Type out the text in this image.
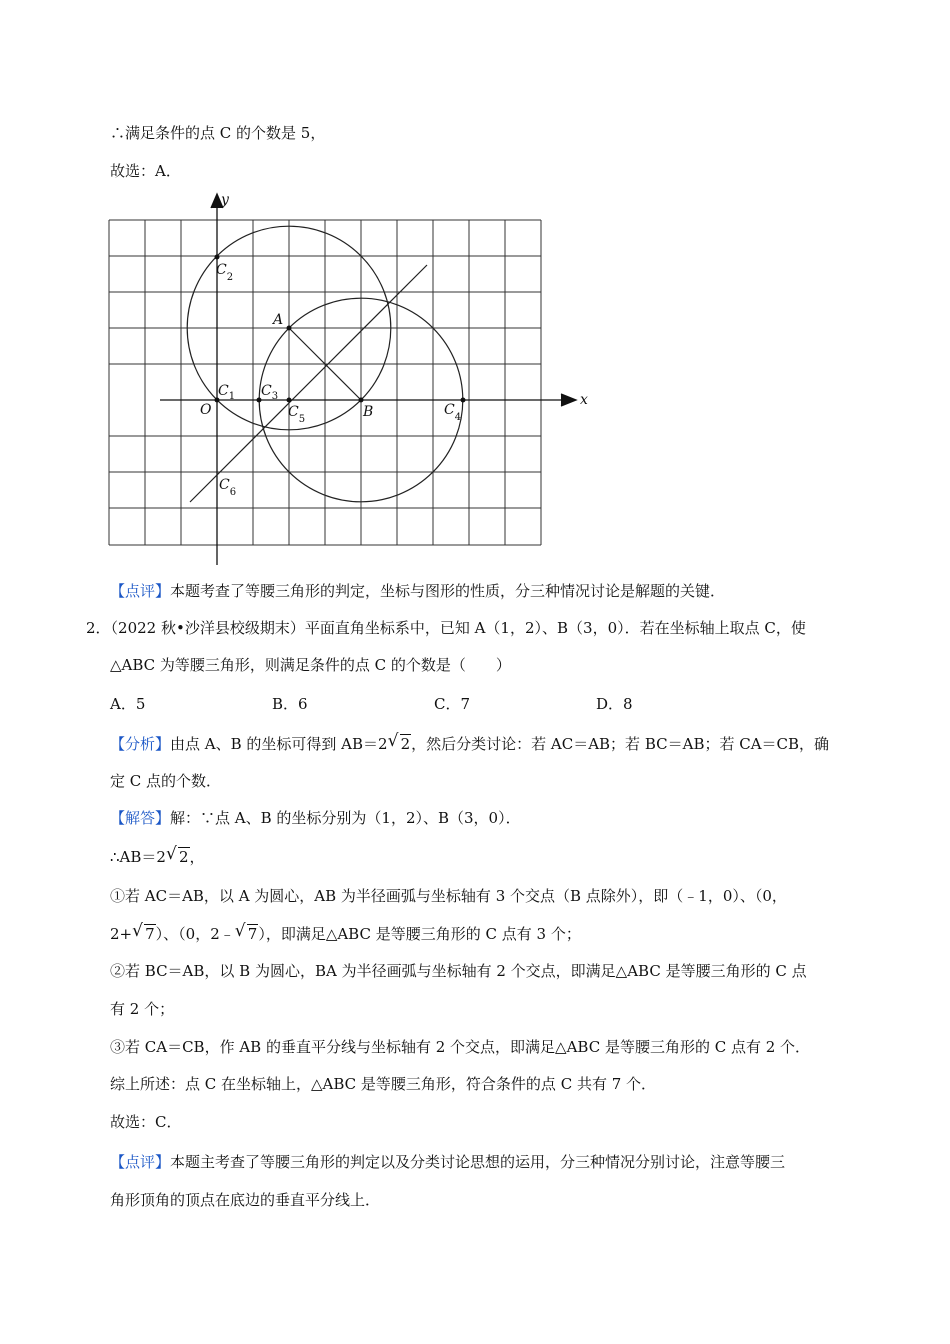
∴满足条件的点 C 的个数是 5，
故选：A．
y
x
O
A
B
$C_1$
$C_2$
$C_3$
$C_4$
$C_5$
$C_6$
【点评】本题考查了等腰三角形的判定，坐标与图形的性质，分三种情况讨论是解题的关键．
2．（2022 秋•沙洋县校级期末）平面直角坐标系中，已知 A（1，2）、B（3，0）．若在坐标轴上取点 C，使
△ABC 为等腰三角形，则满足条件的点 C 的个数是（　　）
A．5	B．6	C．7	D．8
【分析】由点 A、B 的坐标可得到 AB＝2 √ 2，然后分类讨论：若 AC＝AB；若 BC＝AB；若 CA＝CB，确
定 C 点的个数．
【解答】解：∵点 A、B 的坐标分别为（1，2）、B（3，0）．
∴AB＝2 √ 2，
①若 AC＝AB，以 A 为圆心，AB 为半径画弧与坐标轴有 3 个交点（B 点除外），即（﹣1，0）、（0，
2+ √ 7）、（0，2﹣ √ 7），即满足△ABC 是等腰三角形的 C 点有 3 个；
②若 BC＝AB，以 B 为圆心，BA 为半径画弧与坐标轴有 2 个交点，即满足△ABC 是等腰三角形的 C 点
有 2 个；
③若 CA＝CB，作 AB 的垂直平分线与坐标轴有 2 个交点，即满足△ABC 是等腰三角形的 C 点有 2 个．
综上所述：点 C 在坐标轴上，△ABC 是等腰三角形，符合条件的点 C 共有 7 个．
故选：C．
【点评】本题主考查了等腰三角形的判定以及分类讨论思想的运用，分三种情况分别讨论，注意等腰三
角形顶角的顶点在底边的垂直平分线上．
